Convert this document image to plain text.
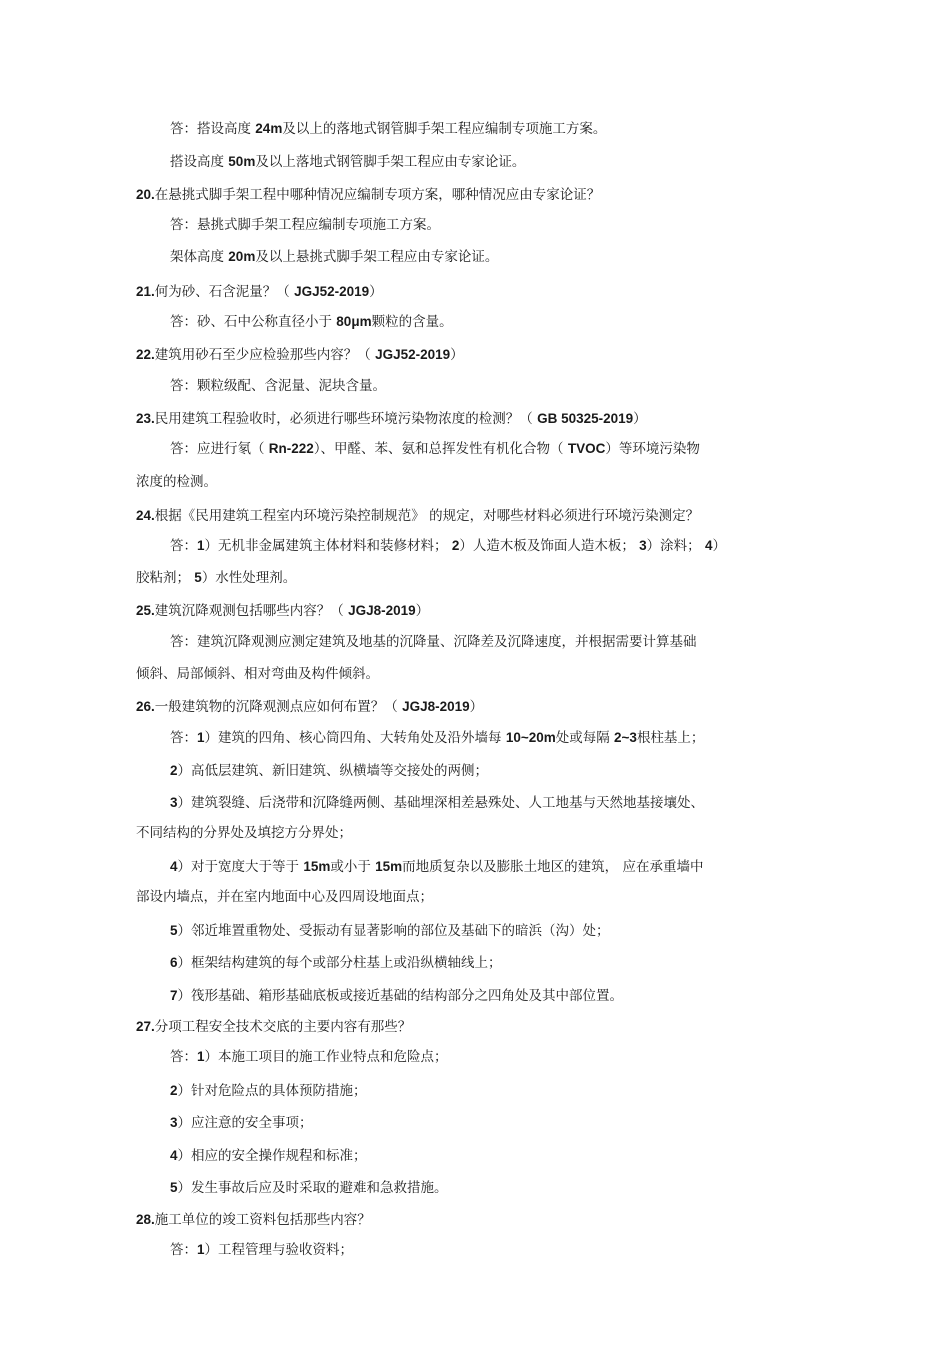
答：搭设高度 24m及以上的落地式钢管脚手架工程应编制专项施工方案。
搭设高度 50m及以上落地式钢管脚手架工程应由专家论证。
20.在悬挑式脚手架工程中哪种情况应编制专项方案，哪种情况应由专家论证？
答：悬挑式脚手架工程应编制专项施工方案。
架体高度 20m及以上悬挑式脚手架工程应由专家论证。
21.何为砂、石含泥量？（ JGJ52-2019）
答：砂、石中公称直径小于 80μm颗粒的含量。
22.建筑用砂石至少应检验那些内容？（ JGJ52-2019）
答：颗粒级配、含泥量、泥块含量。
23.民用建筑工程验收时，必须进行哪些环境污染物浓度的检测？（ GB 50325-2019）
答：应进行氡（ Rn-222）、甲醛、苯、氨和总挥发性有机化合物（ TVOC）等环境污染物
浓度的检测。
24.根据《民用建筑工程室内环境污染控制规范》 的规定，对哪些材料必须进行环境污染测定？
答：1）无机非金属建筑主体材料和装修材料； 2）人造木板及饰面人造木板； 3）涂料； 4）
胶粘剂； 5）水性处理剂。
25.建筑沉降观测包括哪些内容？（ JGJ8-2019）
答：建筑沉降观测应测定建筑及地基的沉降量、沉降差及沉降速度，并根据需要计算基础
倾斜、局部倾斜、相对弯曲及构件倾斜。
26.一般建筑物的沉降观测点应如何布置？（ JGJ8-2019）
答：1）建筑的四角、核心筒四角、大转角处及沿外墙每 10~20m处或每隔 2~3根柱基上；
2）高低层建筑、新旧建筑、纵横墙等交接处的两侧；
3）建筑裂缝、后浇带和沉降缝两侧、基础埋深相差悬殊处、人工地基与天然地基接壤处、
不同结构的分界处及填挖方分界处；
4）对于宽度大于等于 15m或小于 15m而地质复杂以及膨胀土地区的建筑， 应在承重墙中
部设内墙点，并在室内地面中心及四周设地面点；
5）邻近堆置重物处、受振动有显著影响的部位及基础下的暗浜（沟）处；
6）框架结构建筑的每个或部分柱基上或沿纵横轴线上；
7）筏形基础、箱形基础底板或接近基础的结构部分之四角处及其中部位置。
27.分项工程安全技术交底的主要内容有那些？
答：1）本施工项目的施工作业特点和危险点；
2）针对危险点的具体预防措施；
3）应注意的安全事项；
4）相应的安全操作规程和标准；
5）发生事故后应及时采取的避难和急救措施。
28.施工单位的竣工资料包括那些内容？
答：1）工程管理与验收资料；
